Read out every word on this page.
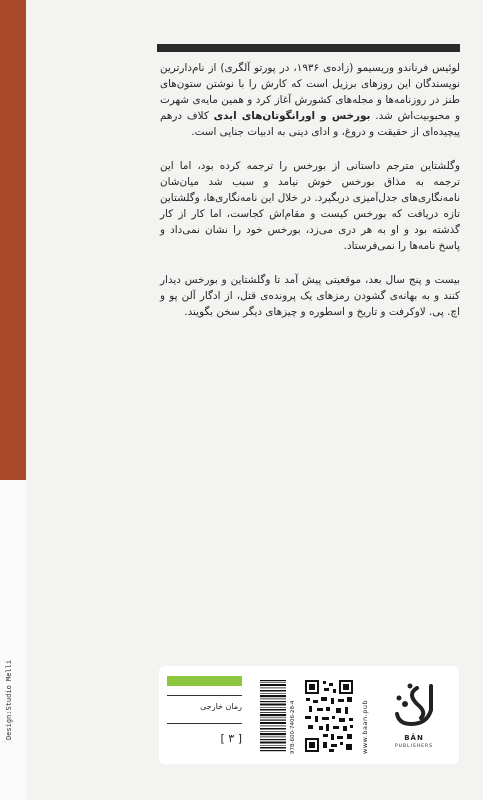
لوئیس فرناندو وریسیمو (زاده‌ی ۱۹۳۶، در پورتو آلگری) از نام‌دارترین نویسندگان این روزهای برزیل است که کارش را با نوشتن ستون‌های طنز در روزنامه‌ها و مجله‌های کشورش آغاز کرد و همین مایه‌ی شهرت و محبوبیت‌اش شد. بورخس و اورانگوتان‌های ابدی کلاف درهم پیچیده‌ای از حقیقت و دروغ، و ادای دینی به ادبیات جنایی است.

وگلشتاین مترجم داستانی از بورخس را ترجمه کرده بود، اما این ترجمه به مذاق بورخس خوش نیامد و سبب شد میان‌شان نامه‌نگاری‌های جدل‌آمیزی دربگیرد. در خلال این نامه‌نگاری‌ها، وگلشتاین تازه دریافت که بورخس کیست و مقام‌اش کجاست، اما کار از کار گذشته بود و او به هر دری می‌زد، بورخس خود را نشان نمی‌داد و پاسخ نامه‌ها را نمی‌فرستاد.

بیست و پنج سال بعد، موقعیتی پیش آمد تا وگلشتاین و بورخس دیدار کنند و به بهانه‌ی گشودن رمزهای یک پرونده‌ی قتل، از ادگار آلن پو و اچ. پی. لاوکرفت و تاریخ و اسطوره و چیزهای دیگر سخن بگویند.

Design:Studio Melli	رمان خارجی
[ ۳ ]	978-600-7406-28-4	www.baan.pub	BĀN
PUBLISHERS
